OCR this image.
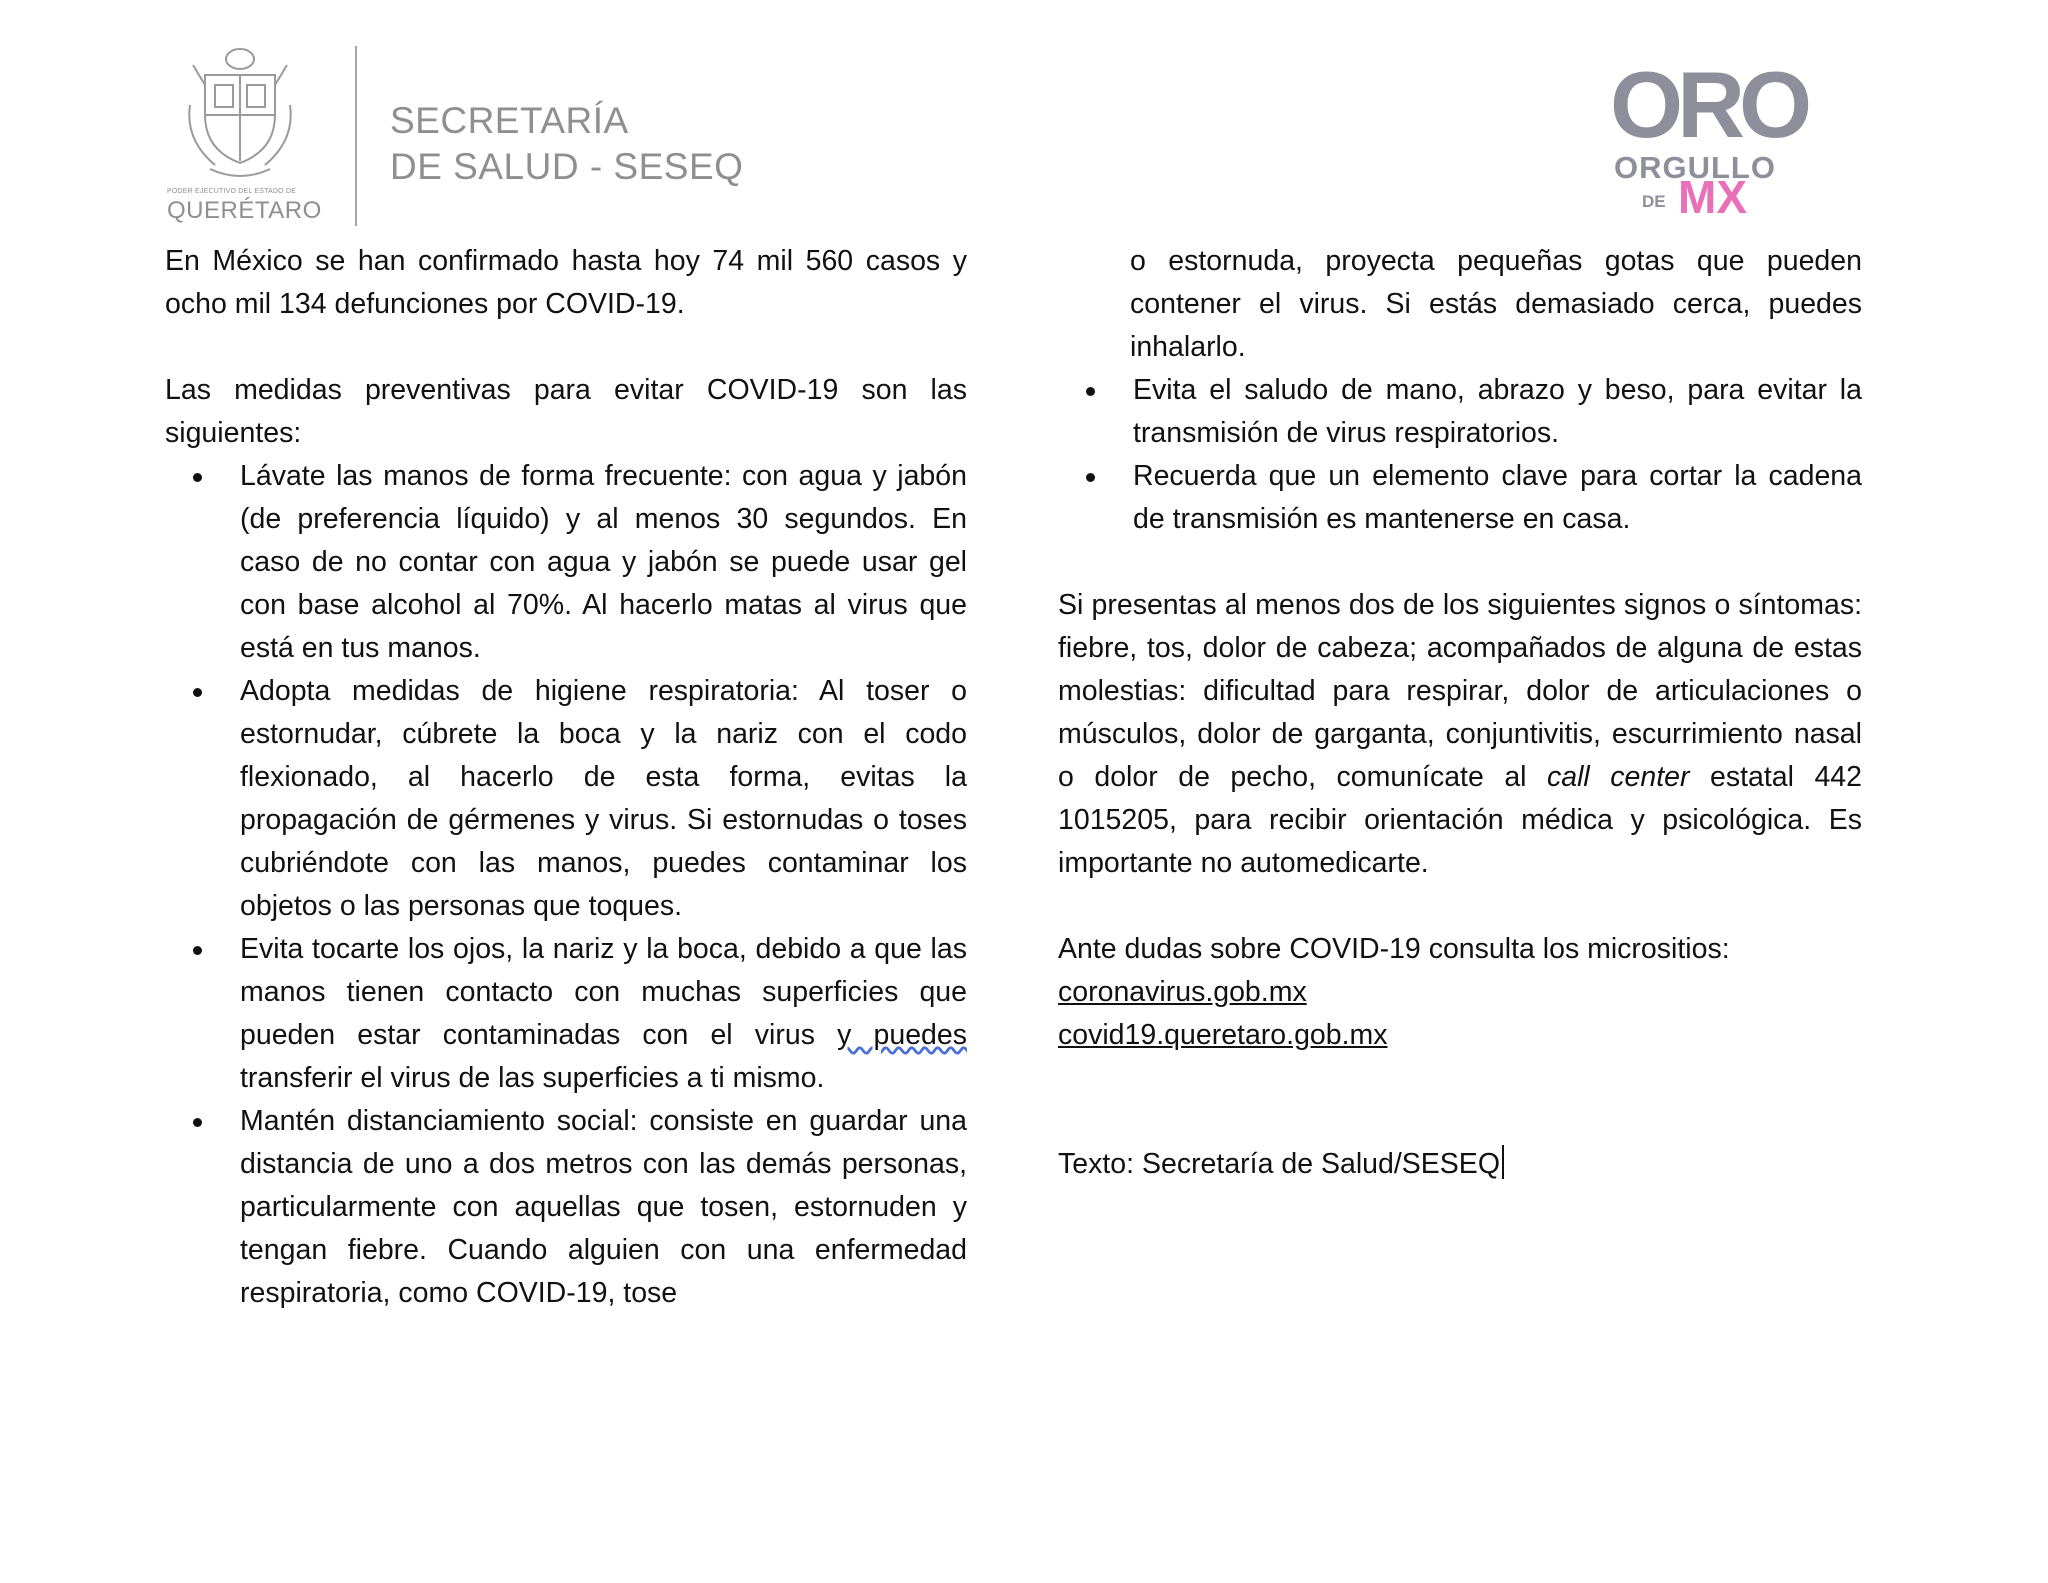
PODER EJECUTIVO DEL ESTADO DE
QUERÉTARO
SECRETARÍA
DE SALUD - SESEQ
ORO
ORGULLO
DE MX

En México se han confirmado hasta hoy 74 mil 560 casos y ocho mil 134 defunciones por COVID-19.

Las medidas preventivas para evitar COVID-19 son las siguientes:

Lávate las manos de forma frecuente: con agua y jabón (de preferencia líquido) y al menos 30 segundos. En caso de no contar con agua y jabón se puede usar gel con base alcohol al 70%. Al hacerlo matas al virus que está en tus manos.
Adopta medidas de higiene respiratoria: Al toser o estornudar, cúbrete la boca y la nariz con el codo flexionado, al hacerlo de esta forma, evitas la propagación de gérmenes y virus. Si estornudas o toses cubriéndote con las manos, puedes contaminar los objetos o las personas que toques.
Evita tocarte los ojos, la nariz y la boca, debido a que las manos tienen contacto con muchas superficies que pueden estar contaminadas con el virus y puedes transferir el virus de las superficies a ti mismo.
Mantén distanciamiento social: consiste en guardar una distancia de uno a dos metros con las demás personas, particularmente con aquellas que tosen, estornuden y tengan fiebre. Cuando alguien con una enfermedad respiratoria, como COVID-19, tose
o estornuda, proyecta pequeñas gotas que pueden contener el virus. Si estás demasiado cerca, puedes inhalarlo.
Evita el saludo de mano, abrazo y beso, para evitar la transmisión de virus respiratorios.
Recuerda que un elemento clave para cortar la cadena de transmisión es mantenerse en casa.

Si presentas al menos dos de los siguientes signos o síntomas: fiebre, tos, dolor de cabeza; acompañados de alguna de estas molestias: dificultad para respirar, dolor de articulaciones o músculos, dolor de garganta, conjuntivitis, escurrimiento nasal o dolor de pecho, comunícate al call center estatal 442 1015205, para recibir orientación médica y psicológica. Es importante no automedicarte.

Ante dudas sobre COVID-19 consulta los micrositios:

coronavirus.gob.mx

covid19.queretaro.gob.mx

Texto: Secretaría de Salud/SESEQ
